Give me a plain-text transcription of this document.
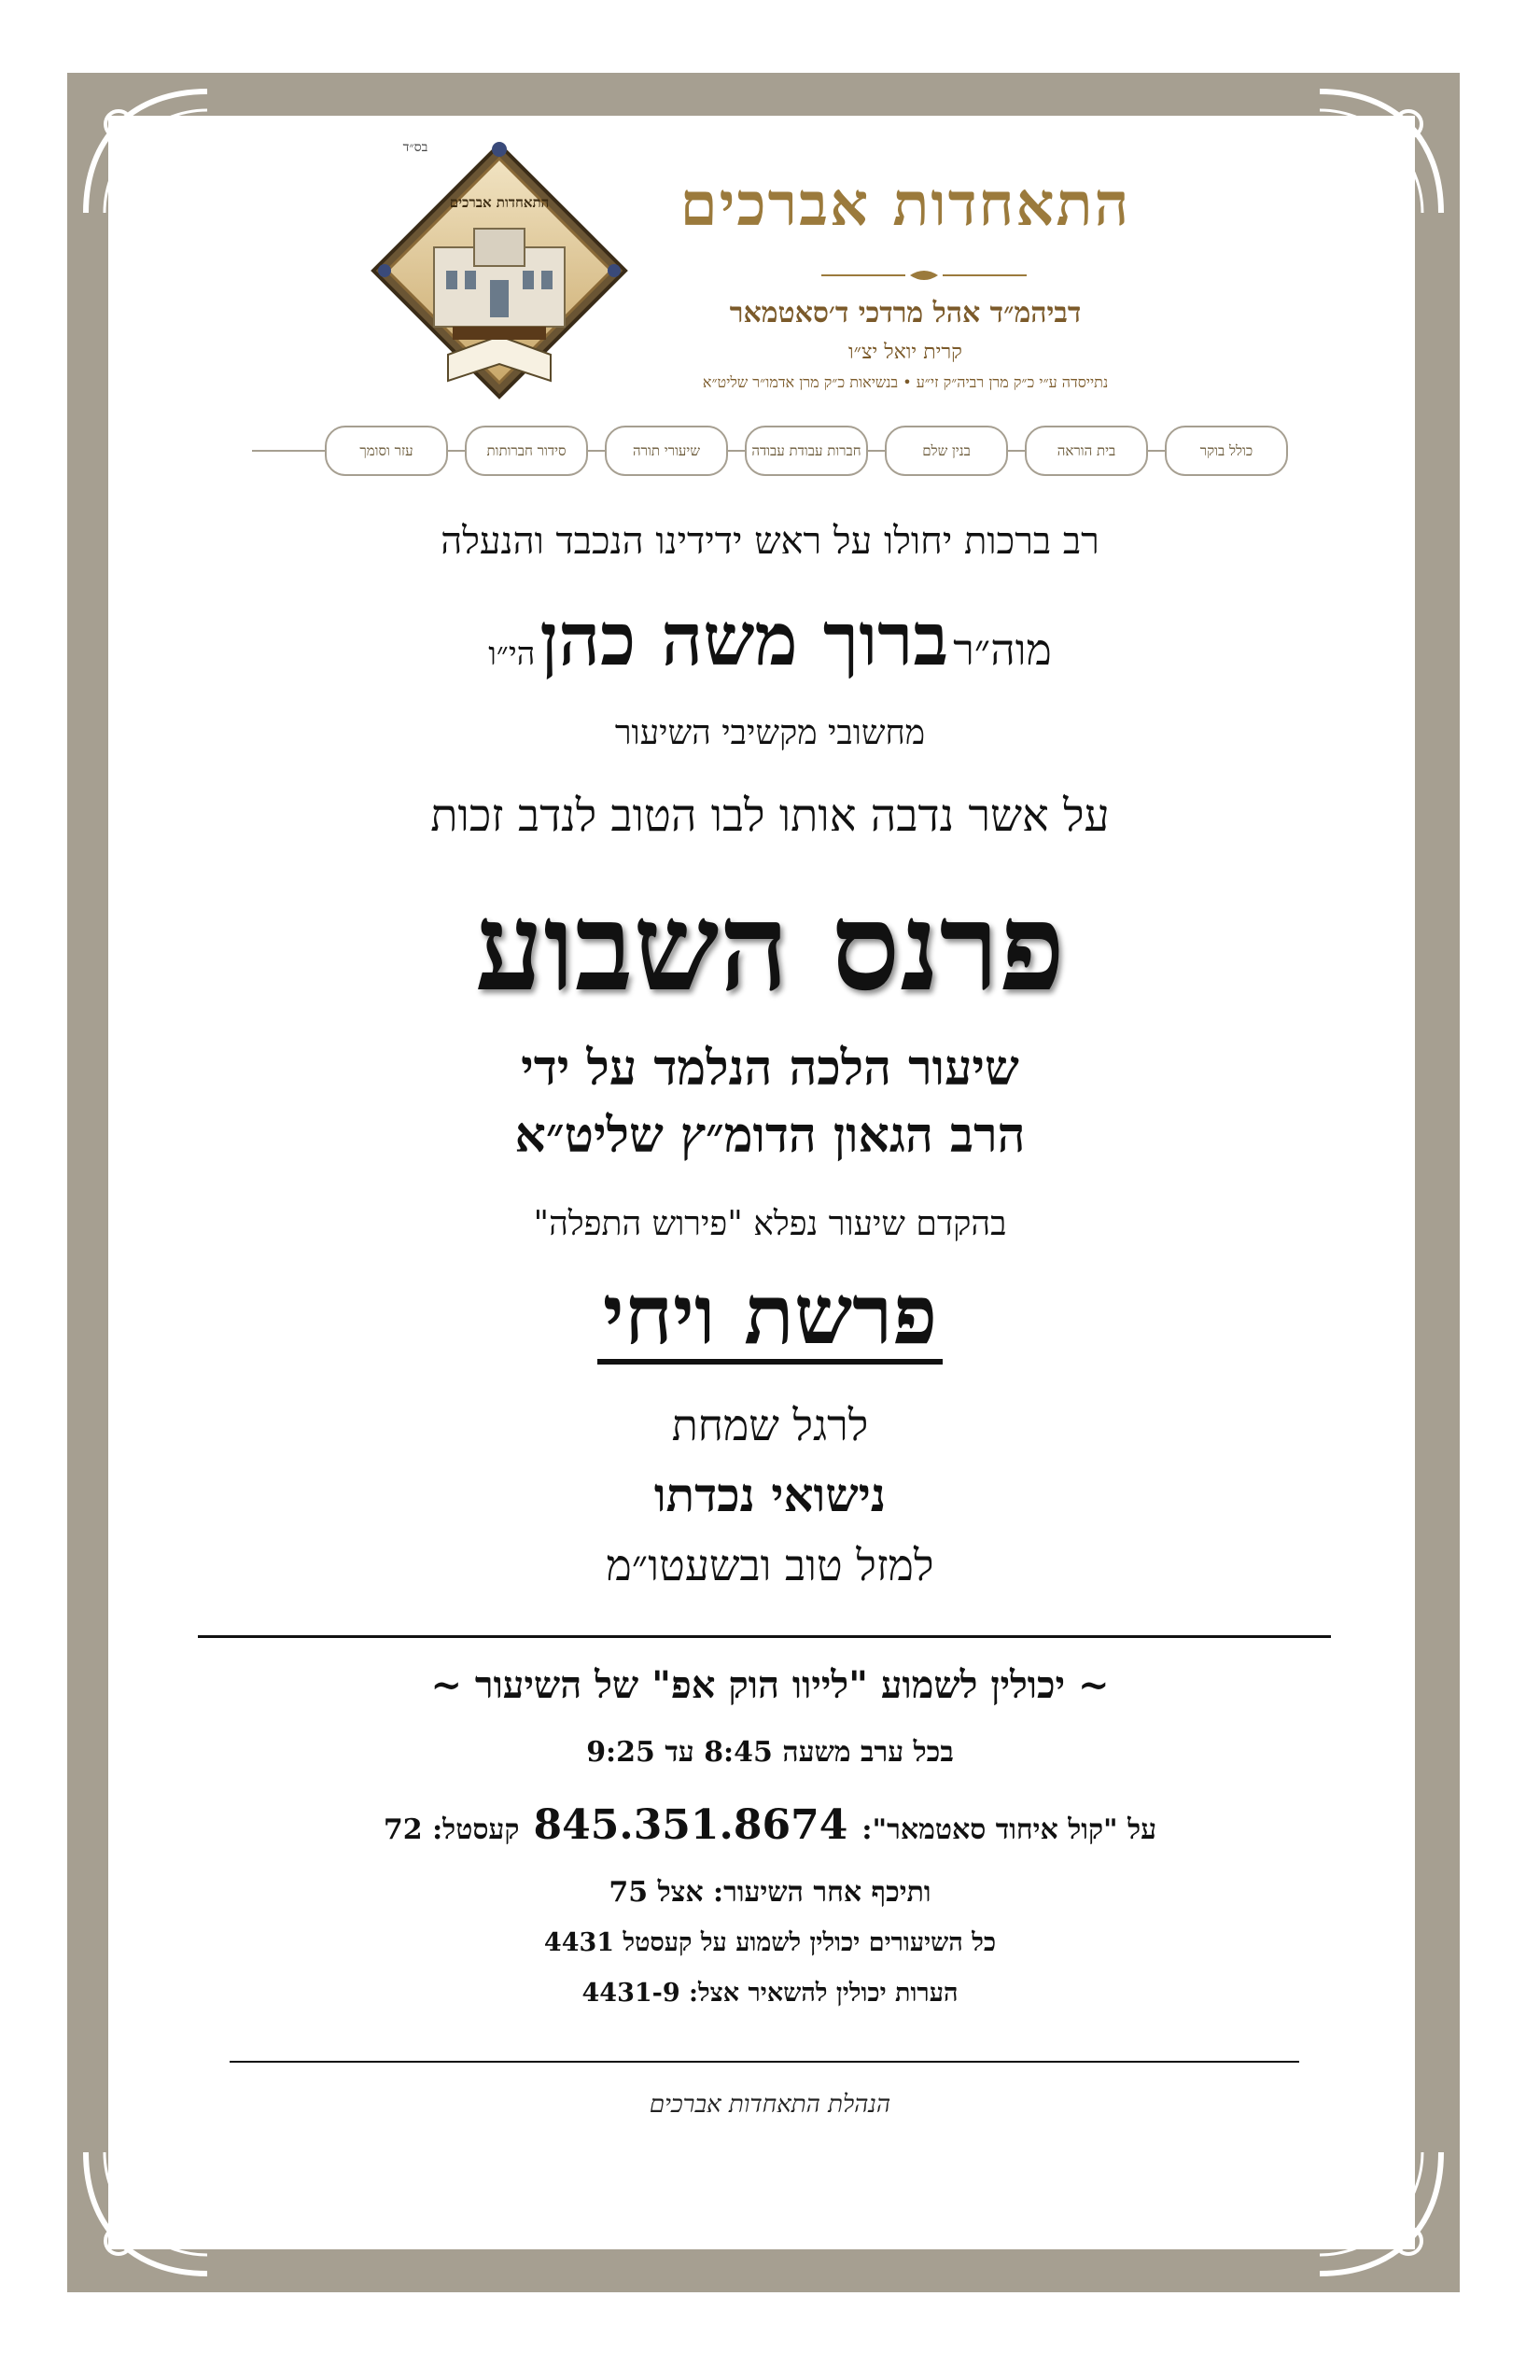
בס״ד
התאחדות אברכים	התאחדות אברכים
דביהמ״ד אהל מרדכי ד׳סאטמאר
קרית יואל יצ״ו
נתייסדה ע״י כ״ק מרן רביה״ק זי״ע • בנשיאות כ״ק מרן אדמו״ר שליט״א
כולל בוקר
בית הוראה
בנין שלם
חברות עבודת עבודה
שיעורי תורה
סידור חברותות
עזר וסומך
רב ברכות יחולו על ראש ידידינו הנכבד והנעלה
מוה״ר ברוך משה כהן הי״ו
מחשובי מקשיבי השיעור
על אשר נדבה אותו לבו הטוב לנדב זכות
פרנס השבוע
שיעור הלכה הנלמד על ידי
הרב הגאון הדומ״ץ שליט״א
בהקדם שיעור נפלא "פירוש התפלה"
פרשת ויחי
לרגל שמחת
נישואי נכדתו
למזל טוב ובשעטו״מ
~ יכולין לשמוע "לייוו הוק אפ" של השיעור ~
בכל ערב משעה 8:45 עד 9:25
על "קול איחוד סאטמאר": 845.351.8674 קעסטל: 72
ותיכף אחר השיעור: אצל 75
כל השיעורים יכולין לשמוע על קעסטל 4431
הערות יכולין להשאיר אצל: 4431-9
הנהלת התאחדות אברכים
